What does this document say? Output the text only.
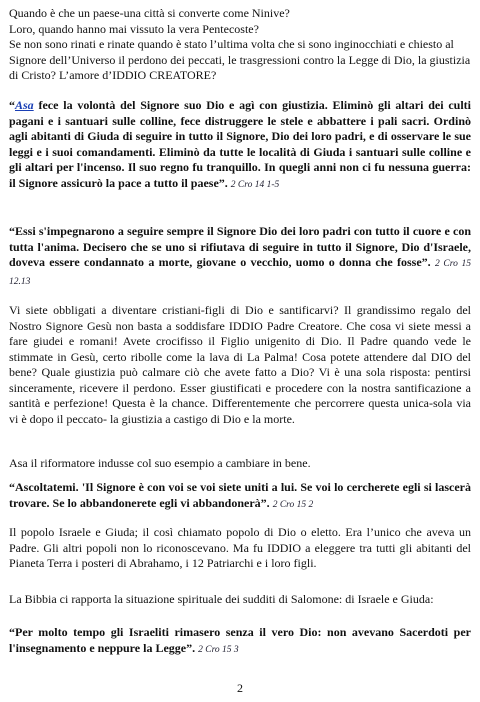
Quando è che un paese-una città si converte come Ninive?

Loro, quando hanno mai vissuto la vera Pentecoste?

Se non sono rinati e rinate quando è stato l’ultima volta che si sono inginocchiati e chiesto al Signore dell’Universo il perdono dei peccati, le trasgressioni contro la Legge di Dio, la giustizia di Cristo? L’amore d’IDDIO CREATORE?

“Asa fece la volontà del Signore suo Dio e agì con giustizia. Eliminò gli altari dei culti pagani e i santuari sulle colline, fece distruggere le stele e abbattere i pali sacri. Ordinò agli abitanti di Giuda di seguire in tutto il Signore, Dio dei loro padri, e di osservare le sue leggi e i suoi comandamenti. Eliminò da tutte le località di Giuda i santuari sulle colline e gli altari per l'incenso. Il suo regno fu tranquillo. In quegli anni non ci fu nessuna guerra: il Signore assicurò la pace a tutto il paese”. 2 Cro 14 1-5

“Essi s'impegnarono a seguire sempre il Signore Dio dei loro padri con tutto il cuore e con tutta l'anima. Decisero che se uno si rifiutava di seguire in tutto il Signore, Dio d'Israele, doveva essere condannato a morte, giovane o vecchio, uomo o donna che fosse”. 2 Cro 15 12.13

Vi siete obbligati a diventare cristiani-figli di Dio e santificarvi? Il grandissimo regalo del Nostro Signore Gesù non basta a soddisfare IDDIO Padre Creatore. Che cosa vi siete messi a fare giudei e romani! Avete crocifisso il Figlio unigenito di Dio. Il Padre quando vede le stimmate in Gesù, certo ribolle come la lava di La Palma! Cosa potete attendere dal DIO del bene? Quale giustizia può calmare ciò che avete fatto a Dio? Vi è una sola risposta: pentirsi sinceramente, ricevere il perdono. Esser giustificati e procedere con la nostra santificazione a santità e perfezione! Questa è la chance. Differentemente che percorrere questa unica-sola via vi è dopo il peccato- la giustizia a castigo di Dio e la morte.

Asa il riformatore indusse col suo esempio a cambiare in bene.

“Ascoltatemi. 'Il Signore è con voi se voi siete uniti a lui. Se voi lo cercherete egli si lascerà trovare. Se lo abbandonerete egli vi abbandonerà”. 2 Cro 15 2

Il popolo Israele e Giuda; il così chiamato popolo di Dio o eletto. Era l’unico che aveva un Padre. Gli altri popoli non lo riconoscevano. Ma fu IDDIO a eleggere tra tutti gli abitanti del Pianeta Terra i posteri di Abrahamo, i 12 Patriarchi e i loro figli.

La Bibbia ci rapporta la situazione spirituale dei sudditi di Salomone: di Israele e Giuda:

“Per molto tempo gli Israeliti rimasero senza il vero Dio: non avevano Sacerdoti per l'insegnamento e neppure la Legge”. 2 Cro 15 3

2
